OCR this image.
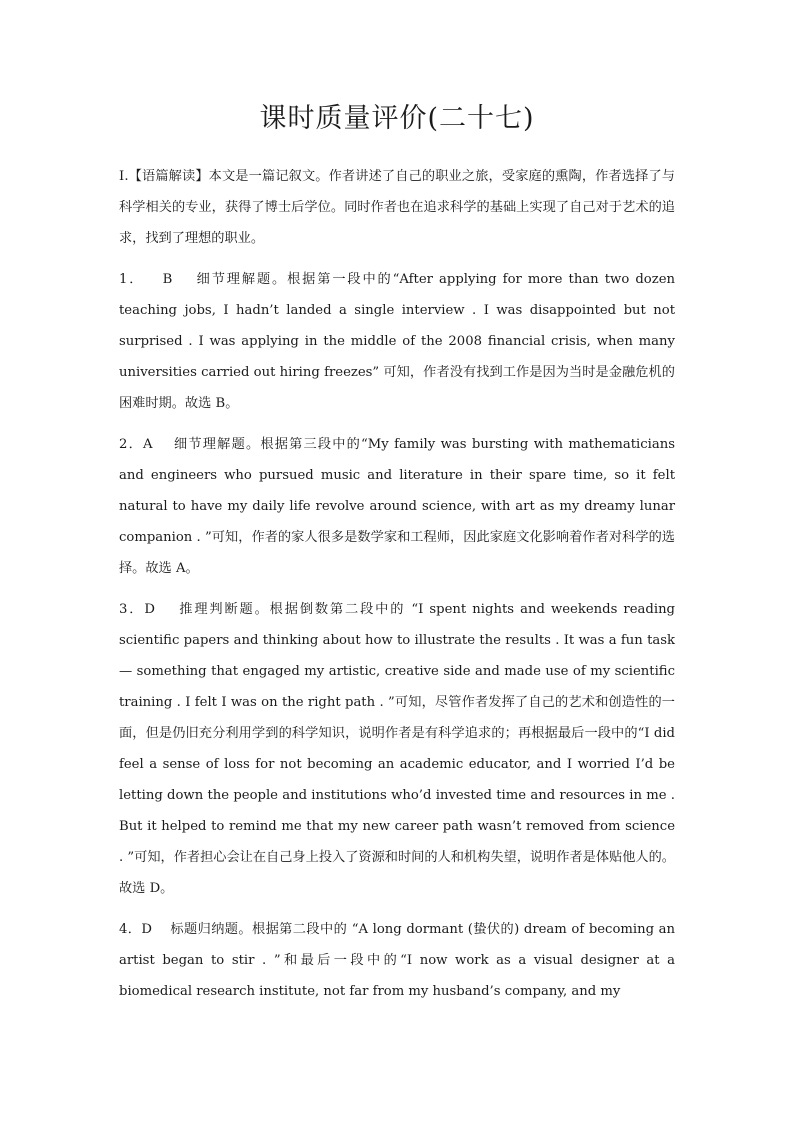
课时质量评价(二十七)

Ⅰ.【语篇解读】本文是一篇记叙文。作者讲述了自己的职业之旅，受家庭的熏陶，作者选择了与科学相关的专业，获得了博士后学位。同时作者也在追求科学的基础上实现了自己对于艺术的追求，找到了理想的职业。

1． B 细节理解题。根据第一段中的“After applying for more than two dozen teaching jobs, I hadn’t landed a single interview . I was disappointed but not surprised . I was applying in the middle of the 2008 financial crisis, when many universities carried out hiring freezes” 可知，作者没有找到工作是因为当时是金融危机的困难时期。故选 B。

2．A 细节理解题。根据第三段中的“My family was bursting with mathematicians and engineers who pursued music and literature in their spare time, so it felt natural to have my daily life revolve around science, with art as my dreamy lunar companion . ”可知，作者的家人很多是数学家和工程师，因此家庭文化影响着作者对科学的选择。故选 A。

3．D 推理判断题。根据倒数第二段中的 “I spent nights and weekends reading scientific papers and thinking about how to illustrate the results . It was a fun task — something that engaged my artistic, creative side and made use of my scientific training . I felt I was on the right path . ”可知，尽管作者发挥了自己的艺术和创造性的一面，但是仍旧充分利用学到的科学知识，说明作者是有科学追求的；再根据最后一段中的“I did feel a sense of loss for not becoming an academic educator, and I worried I’d be letting down the people and institutions who’d invested time and resources in me . But it helped to remind me that my new career path wasn’t removed from science . ”可知，作者担心会让在自己身上投入了资源和时间的人和机构失望，说明作者是体贴他人的。故选 D。

4．D 标题归纳题。根据第二段中的 “A long dormant (蛰伏的) dream of becoming an artist began to stir . ”和最后一段中的“I now work as a visual designer at a biomedical research institute, not far from my husband’s company, and my
